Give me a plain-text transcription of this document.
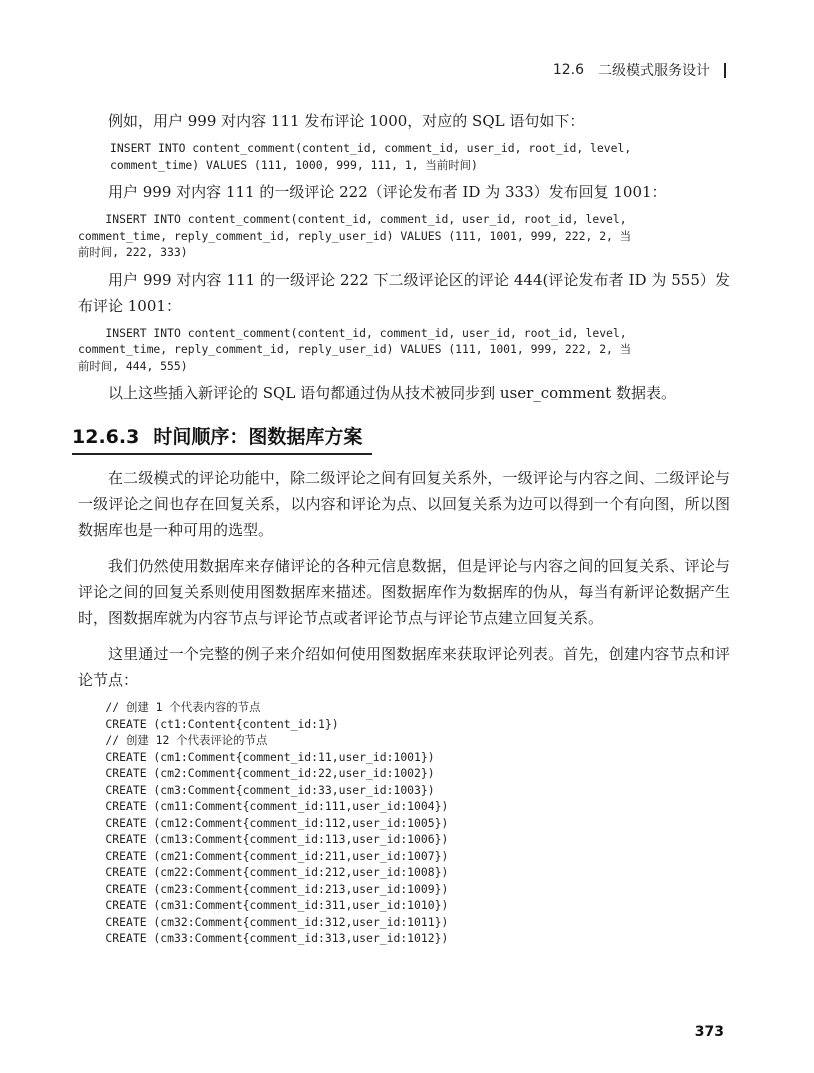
12.6 二级模式服务设计

例如，用户 999 对内容 111 发布评论 1000，对应的 SQL 语句如下：

INSERT INTO content_comment(content_id, comment_id, user_id, root_id, level,
comment_time) VALUES (111, 1000, 999, 111, 1, 当前时间)

用户 999 对内容 111 的一级评论 222（评论发布者 ID 为 333）发布回复 1001：

INSERT INTO content_comment(content_id, comment_id, user_id, root_id, level,
comment_time, reply_comment_id, reply_user_id) VALUES (111, 1001, 999, 222, 2, 当
前时间, 222, 333)

用户 999 对内容 111 的一级评论 222 下二级评论区的评论 444(评论发布者 ID 为 555）发布评论 1001：

INSERT INTO content_comment(content_id, comment_id, user_id, root_id, level,
comment_time, reply_comment_id, reply_user_id) VALUES (111, 1001, 999, 222, 2, 当
前时间, 444, 555)

以上这些插入新评论的 SQL 语句都通过伪从技术被同步到 user_comment 数据表。

12.6.3 时间顺序：图数据库方案

在二级模式的评论功能中，除二级评论之间有回复关系外，一级评论与内容之间、二级评论与一级评论之间也存在回复关系，以内容和评论为点、以回复关系为边可以得到一个有向图，所以图数据库也是一种可用的选型。

我们仍然使用数据库来存储评论的各种元信息数据，但是评论与内容之间的回复关系、评论与评论之间的回复关系则使用图数据库来描述。图数据库作为数据库的伪从，每当有新评论数据产生时，图数据库就为内容节点与评论节点或者评论节点与评论节点建立回复关系。

这里通过一个完整的例子来介绍如何使用图数据库来获取评论列表。首先，创建内容节点和评论节点：

// 创建 1 个代表内容的节点
CREATE (ct1:Content{content_id:1})
// 创建 12 个代表评论的节点
CREATE (cm1:Comment{comment_id:11,user_id:1001})
CREATE (cm2:Comment{comment_id:22,user_id:1002})
CREATE (cm3:Comment{comment_id:33,user_id:1003})
CREATE (cm11:Comment{comment_id:111,user_id:1004})
CREATE (cm12:Comment{comment_id:112,user_id:1005})
CREATE (cm13:Comment{comment_id:113,user_id:1006})
CREATE (cm21:Comment{comment_id:211,user_id:1007})
CREATE (cm22:Comment{comment_id:212,user_id:1008})
CREATE (cm23:Comment{comment_id:213,user_id:1009})
CREATE (cm31:Comment{comment_id:311,user_id:1010})
CREATE (cm32:Comment{comment_id:312,user_id:1011})
CREATE (cm33:Comment{comment_id:313,user_id:1012})
373
